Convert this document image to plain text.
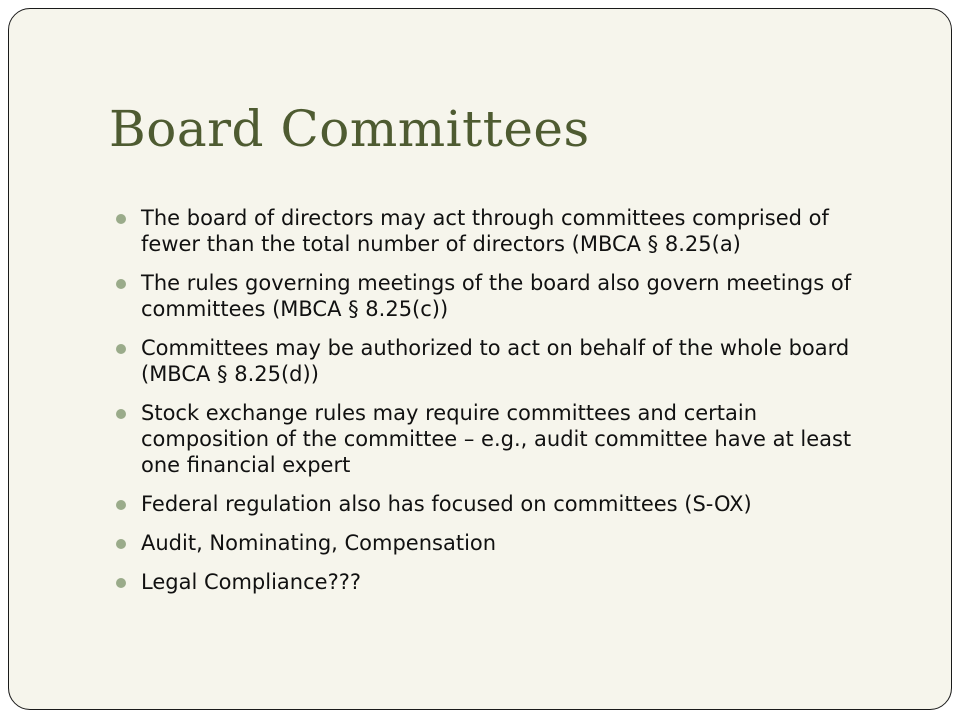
Board Committees
The board of directors may act through committees comprised of fewer than the total number of directors (MBCA § 8.25(a)
The rules governing meetings of the board also govern meetings of committees (MBCA § 8.25(c))
Committees may be authorized to act on behalf of the whole board (MBCA § 8.25(d))
Stock exchange rules may require committees and certain composition of the committee – e.g., audit committee have at least one financial expert
Federal regulation also has focused on committees (S-OX)
Audit, Nominating, Compensation
Legal Compliance???
